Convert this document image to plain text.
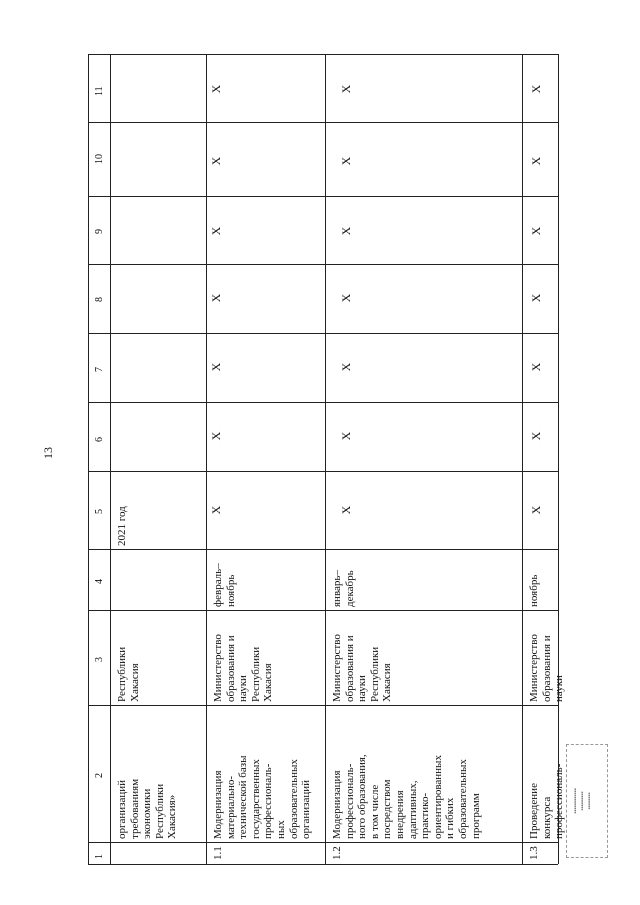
13
11
10
9
8
7
6
5
4
3
2
1
организаций
требованиям
экономики
Республики
Хакасия»
Республики
Хакасия
2021 год
1.1
Модернизация
материально-
технической базы
государственных
профессиональ-
ных
образовательных
организаций
Министерство
образования и
науки
Республики
Хакасия
февраль–
ноябрь
X
X
X
X
X
X
X
1.2
Модернизация
профессиональ-
ного образования,
в том числе
посредством
внедрения
адаптивных,
практико-
ориентированных
и гибких
образовательных
программ
Министерство
образования и
науки
Республики
Хакасия
январь–
декабрь
X
X
X
X
X
X
X
1.3
Проведение
конкурса
профессиональ-
Министерство
образования и
науки
ноябрь
X
X
X
X
X
X
X
▪▪▪▪▪▪▪▪▪▪▪▪
▪▪▪▪▪▪▪▪▪
▪▪▪▪▪▪▪▪
